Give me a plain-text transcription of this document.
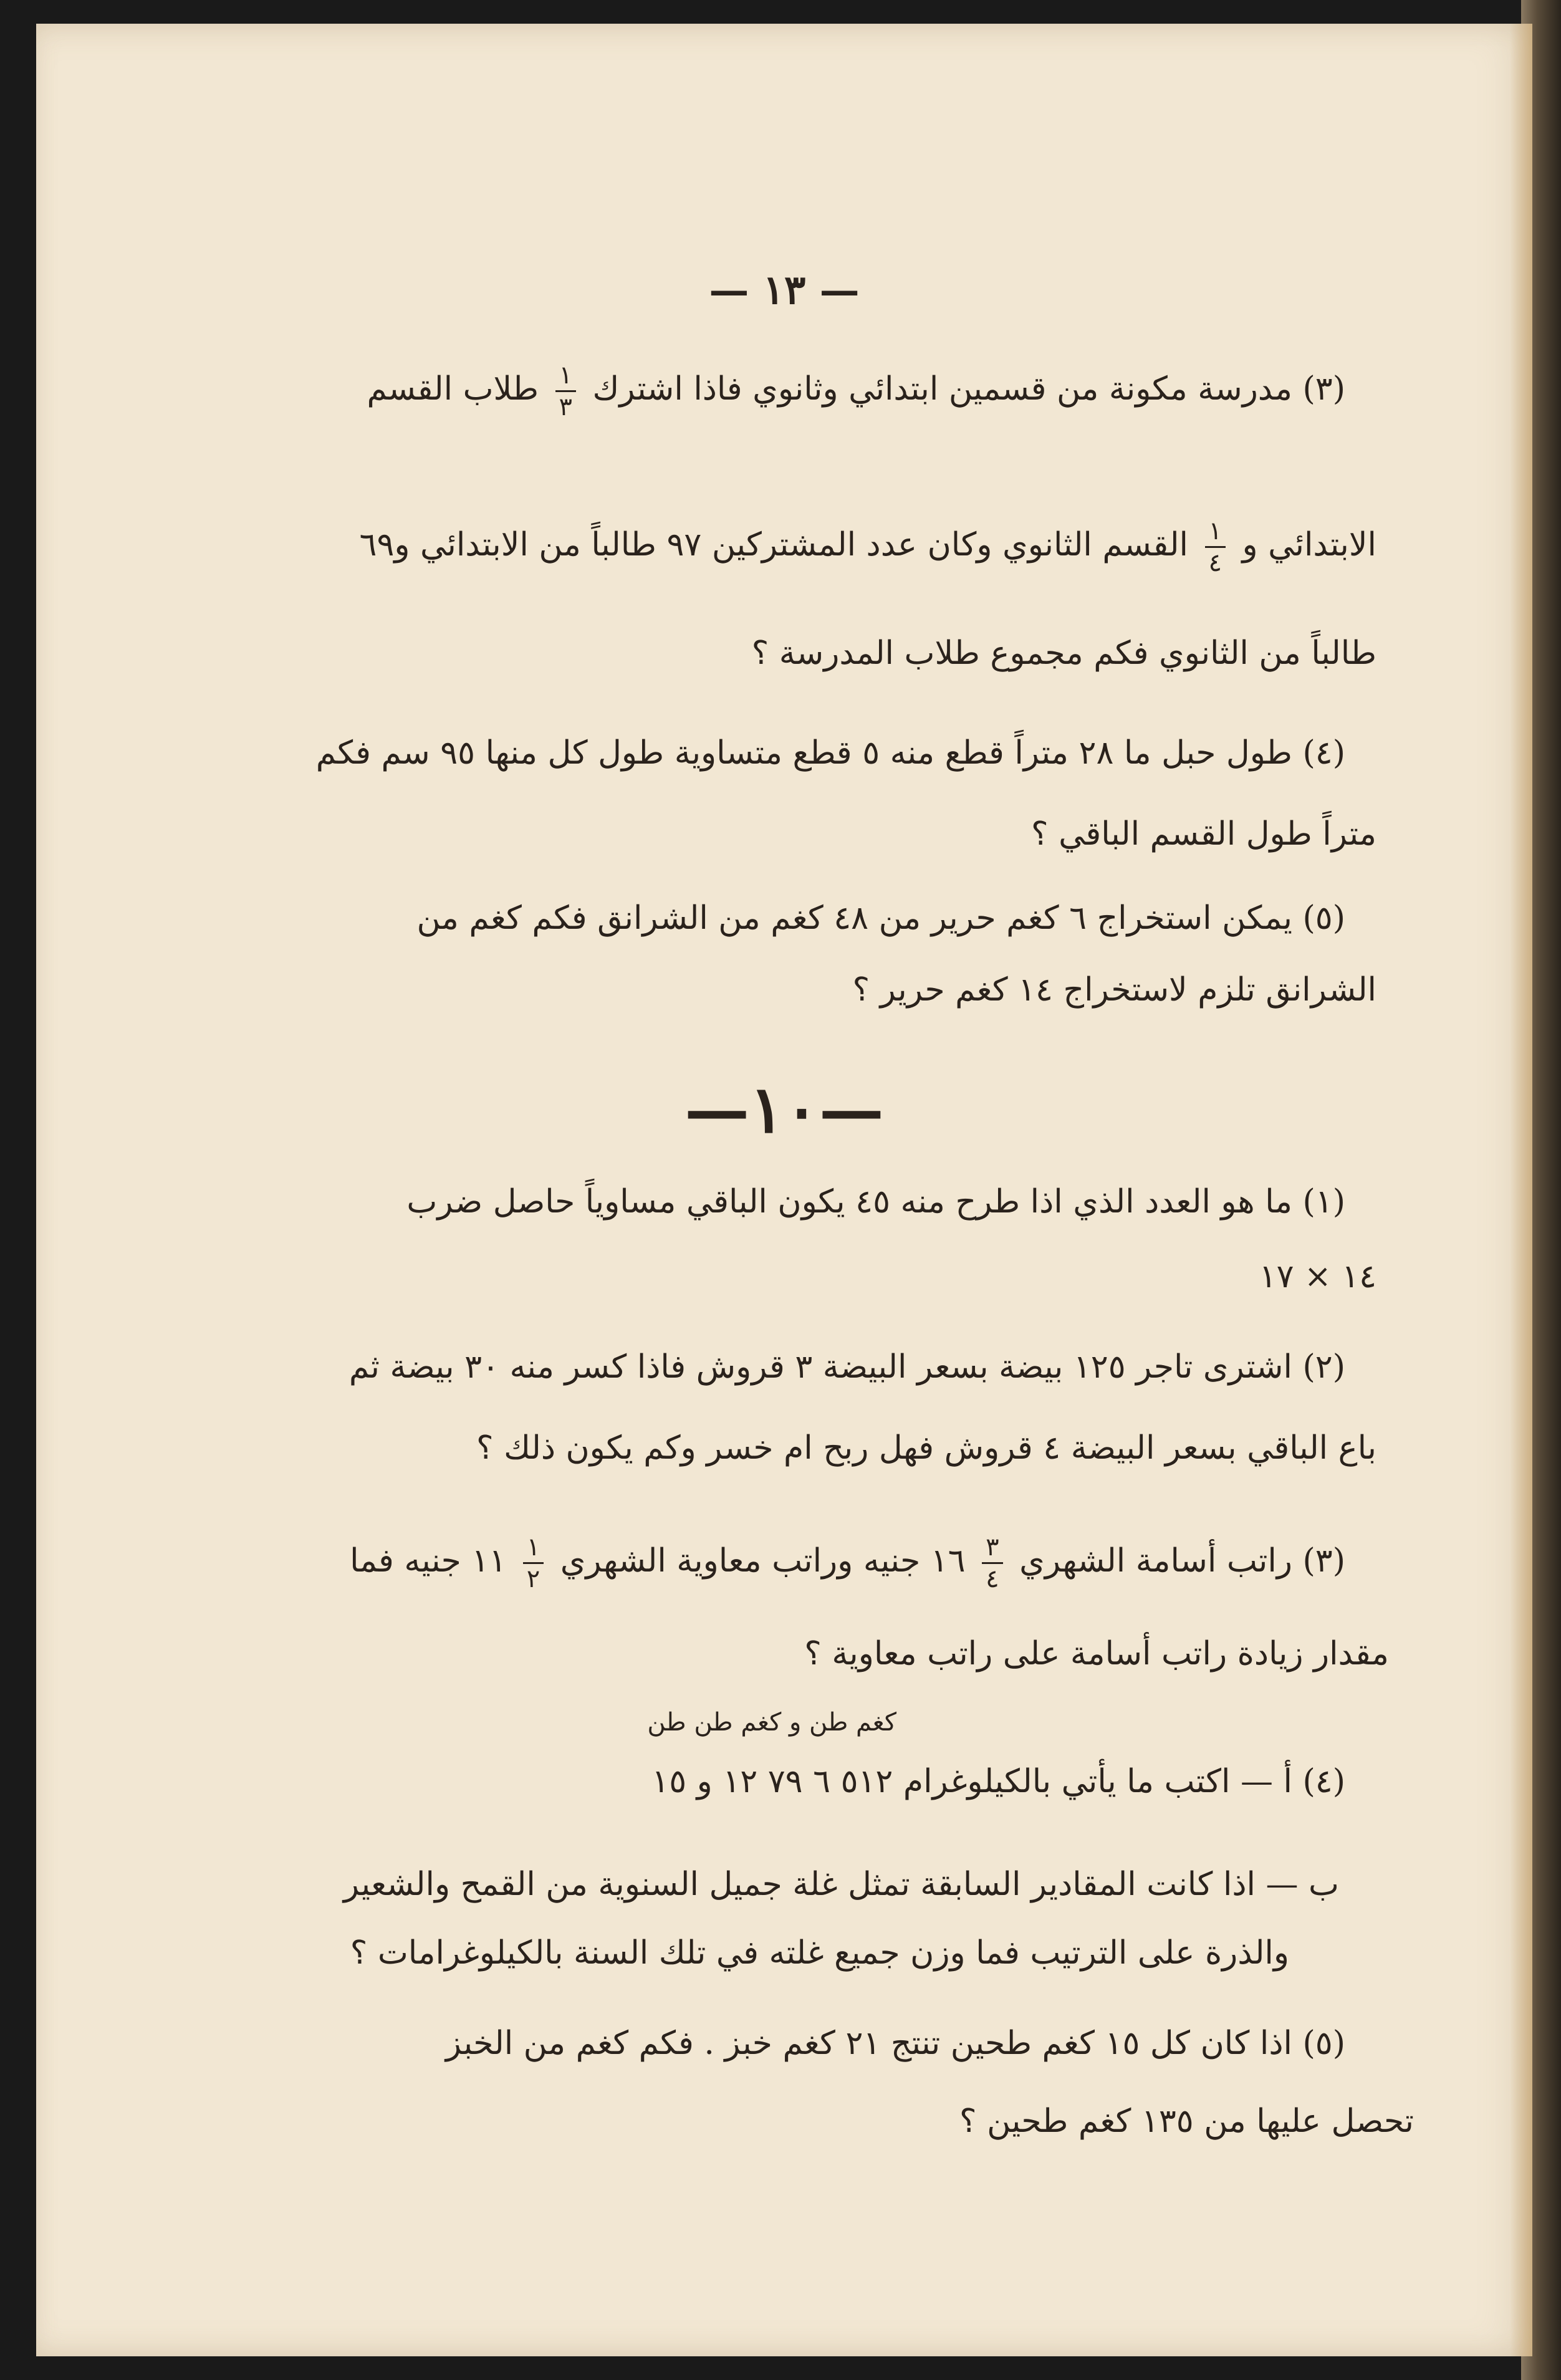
— ١٣ —
(٣) مدرسة مكونة من قسمين ابتدائي وثانوي فاذا اشترك
$\frac{١}{٣}$
طلاب القسم
الابتدائي و
$\frac{١}{٤}$
القسم الثانوي وكان عدد المشتركين ٩٧ طالباً من الابتدائي و٦٩
طالباً من الثانوي فكم مجموع طلاب المدرسة ؟
(٤) طول حبل ما ٢٨ متراً قطع منه ٥ قطع متساوية طول كل منها ٩٥ سم فكم
متراً طول القسم الباقي ؟
(٥) يمكن استخراج ٦ كغم حرير من ٤٨ كغم من الشرانق فكم كغم من
الشرانق تلزم لاستخراج ١٤ كغم حرير ؟
—١٠—
(١) ما هو العدد الذي اذا طرح منه ٤٥ يكون الباقي مساوياً حاصل ضرب
١٤ × ١٧
(٢) اشترى تاجر ١٢٥ بيضة بسعر البيضة ٣ قروش فاذا كسر منه ٣٠ بيضة ثم
باع الباقي بسعر البيضة ٤ قروش فهل ربح ام خسر وكم يكون ذلك ؟
(٣) راتب أسامة الشهري
$\frac{٣}{٤}$
١٦ جنيه وراتب معاوية الشهري
$\frac{١}{٢}$
١١ جنيه فما
مقدار زيادة راتب أسامة على راتب معاوية ؟
كغم طن و كغم طن طن
(٤) أ — اكتب ما يأتي بالكيلوغرام ٥١٢ ٦ ٧٩ ١٢ و ١٥
ب — اذا كانت المقادير السابقة تمثل غلة جميل السنوية من القمح والشعير
والذرة على الترتيب فما وزن جميع غلته في تلك السنة بالكيلوغرامات ؟
(٥) اذا كان كل ١٥ كغم طحين تنتج ٢١ كغم خبز . فكم كغم من الخبز
تحصل عليها من ١٣٥ كغم طحين ؟
